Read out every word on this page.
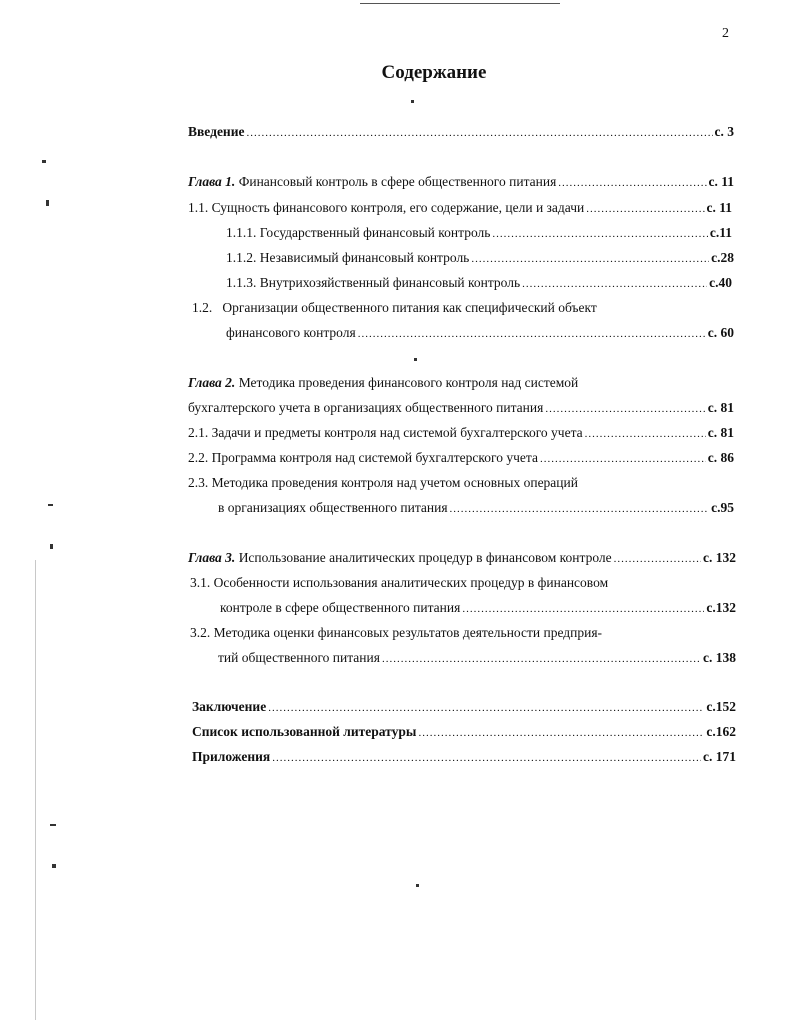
2
Содержание
Введение .....	с. 3
Глава 1. Финансовый контроль в сфере общественного питания .....	с. 11
1.1. Сущность финансового контроля, его содержание, цели и задачи .....	с. 11
1.1.1. Государственный финансовый контроль .....	с.11
1.1.2. Независимый финансовый контроль .....	с.28
1.1.3. Внутрихозяйственный финансовый контроль .....	с.40
1.2.   Организации общественного питания как специфический объект
финансового контроля .....	с. 60
Глава 2. Методика проведения финансового контроля над системой
бухгалтерского учета в организациях общественного питания .....	с. 81
2.1. Задачи и предметы контроля над системой бухгалтерского учета .....	с. 81
2.2. Программа контроля над системой бухгалтерского учета .....	с. 86
2.3. Методика проведения контроля над учетом основных операций
в организациях общественного питания .....	с.95
Глава 3. Использование аналитических процедур в финансовом контроле .....	с. 132
3.1. Особенности использования аналитических процедур в финансовом
контроле в сфере общественного питания .....	с.132
3.2. Методика оценки финансовых результатов деятельности предприя-
тий общественного питания .....	с. 138
Заключение .....	с.152
Список использованной литературы .....	с.162
Приложения .....	с. 171
